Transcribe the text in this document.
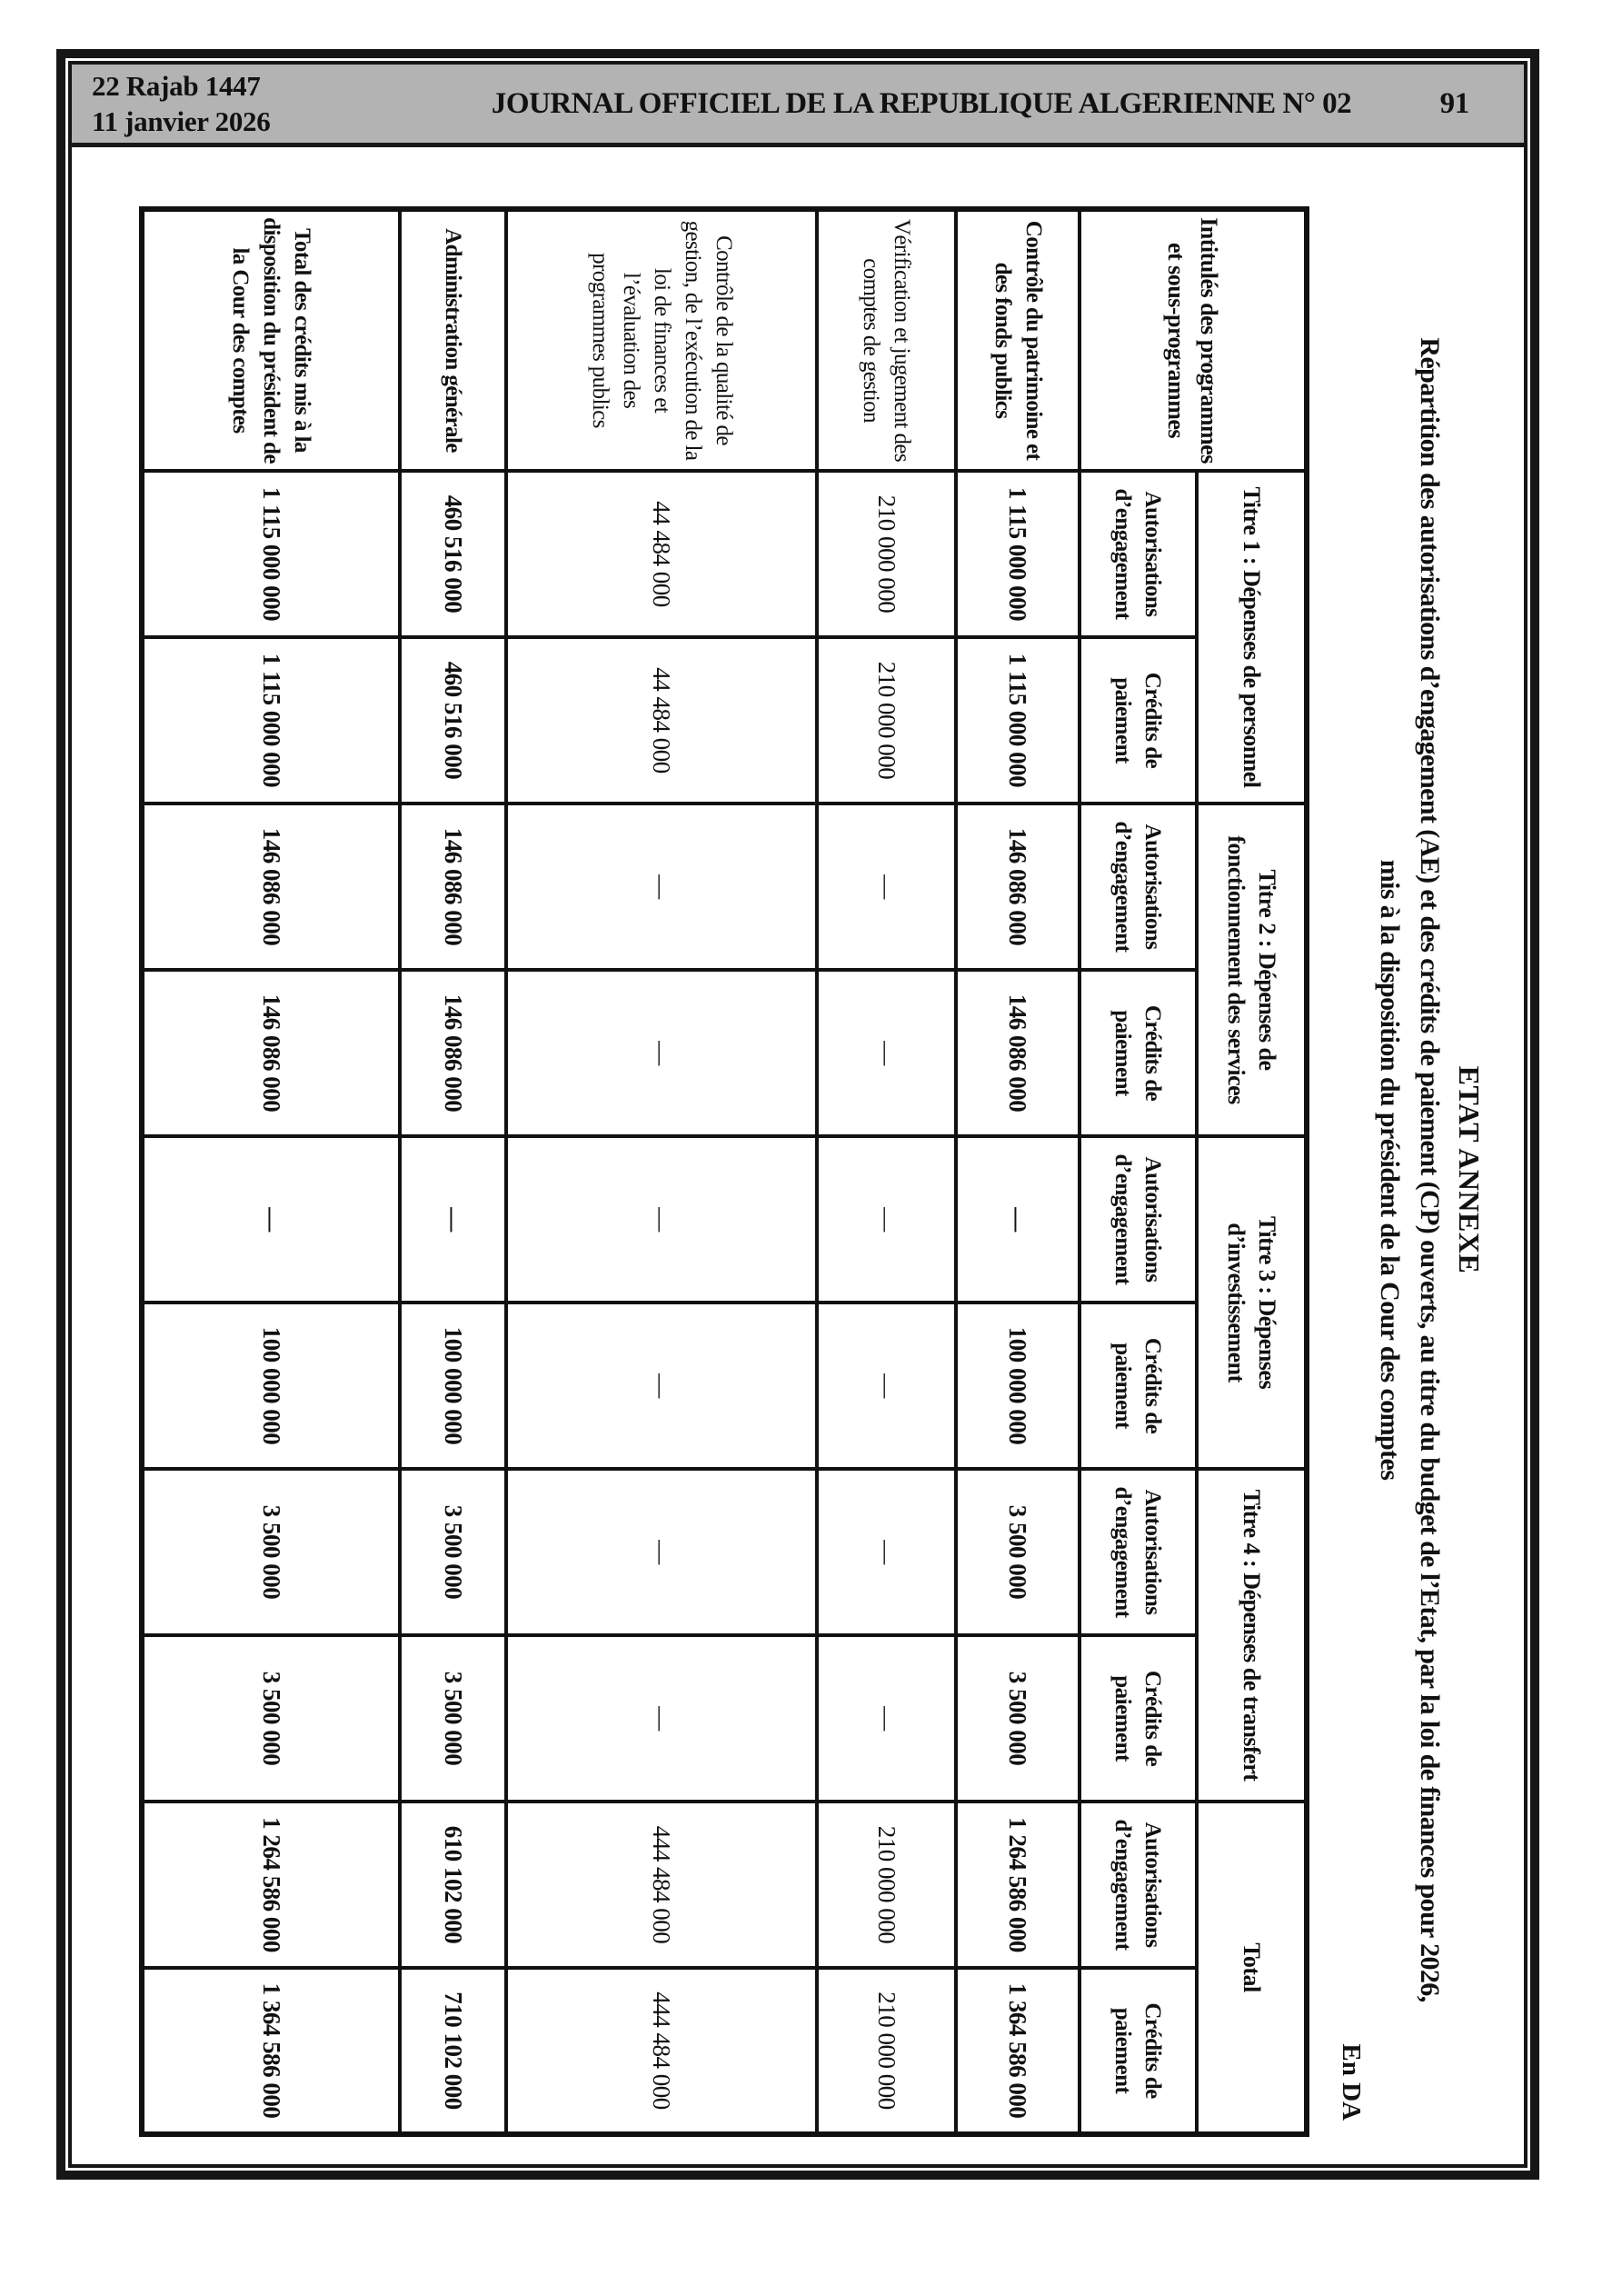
22 Rajab 1447
11 janvier 2026
JOURNAL OFFICIEL DE LA REPUBLIQUE ALGERIENNE N° 02	91
ETAT ANNEXE
Répartition des autorisations d’engagement (AE) et des crédits de paiement (CP) ouverts, au titre du budget de l’Etat, par la loi de finances pour 2026,
mis à la disposition du président de la Cour des comptes
En DA
Intitulés des programmes et sous-programmes	Titre 1 : Dépenses de personnel		Titre 2 : Dépenses de fonctionnement des services		Titre 3 : Dépenses d’investissement		Titre 4 : Dépenses de transfert		Total	
	Autorisations d’engagement	Crédits de paiement	Autorisations d’engagement	Crédits de paiement	Autorisations d’engagement	Crédits de paiement	Autorisations d’engagement	Crédits de paiement	Autorisations d’engagement	Crédits de paiement
Contrôle du patrimoine et des fonds publics	1 115 000 000	1 115 000 000	146 086 000	146 086 000	—	100 000 000	3 500 000	3 500 000	1 264 586 000	1 364 586 000
Vérification et jugement des comptes de gestion	210 000 000	210 000 000	—	—	—	—	—	—	210 000 000	210 000 000
Contrôle de la qualité de gestion, de l’exécution de la loi de finances et l’évaluation des programmes publics	44 484 000	44 484 000	—	—	—	—	—	—	444 484 000	444 484 000
Administration générale	460 516 000	460 516 000	146 086 000	146 086 000	—	100 000 000	3 500 000	3 500 000	610 102 000	710 102 000
Total des crédits mis à la disposition du président de la Cour des comptes	1 115 000 000	1 115 000 000	146 086 000	146 086 000	—	100 000 000	3 500 000	3 500 000	1 264 586 000	1 364 586 000
